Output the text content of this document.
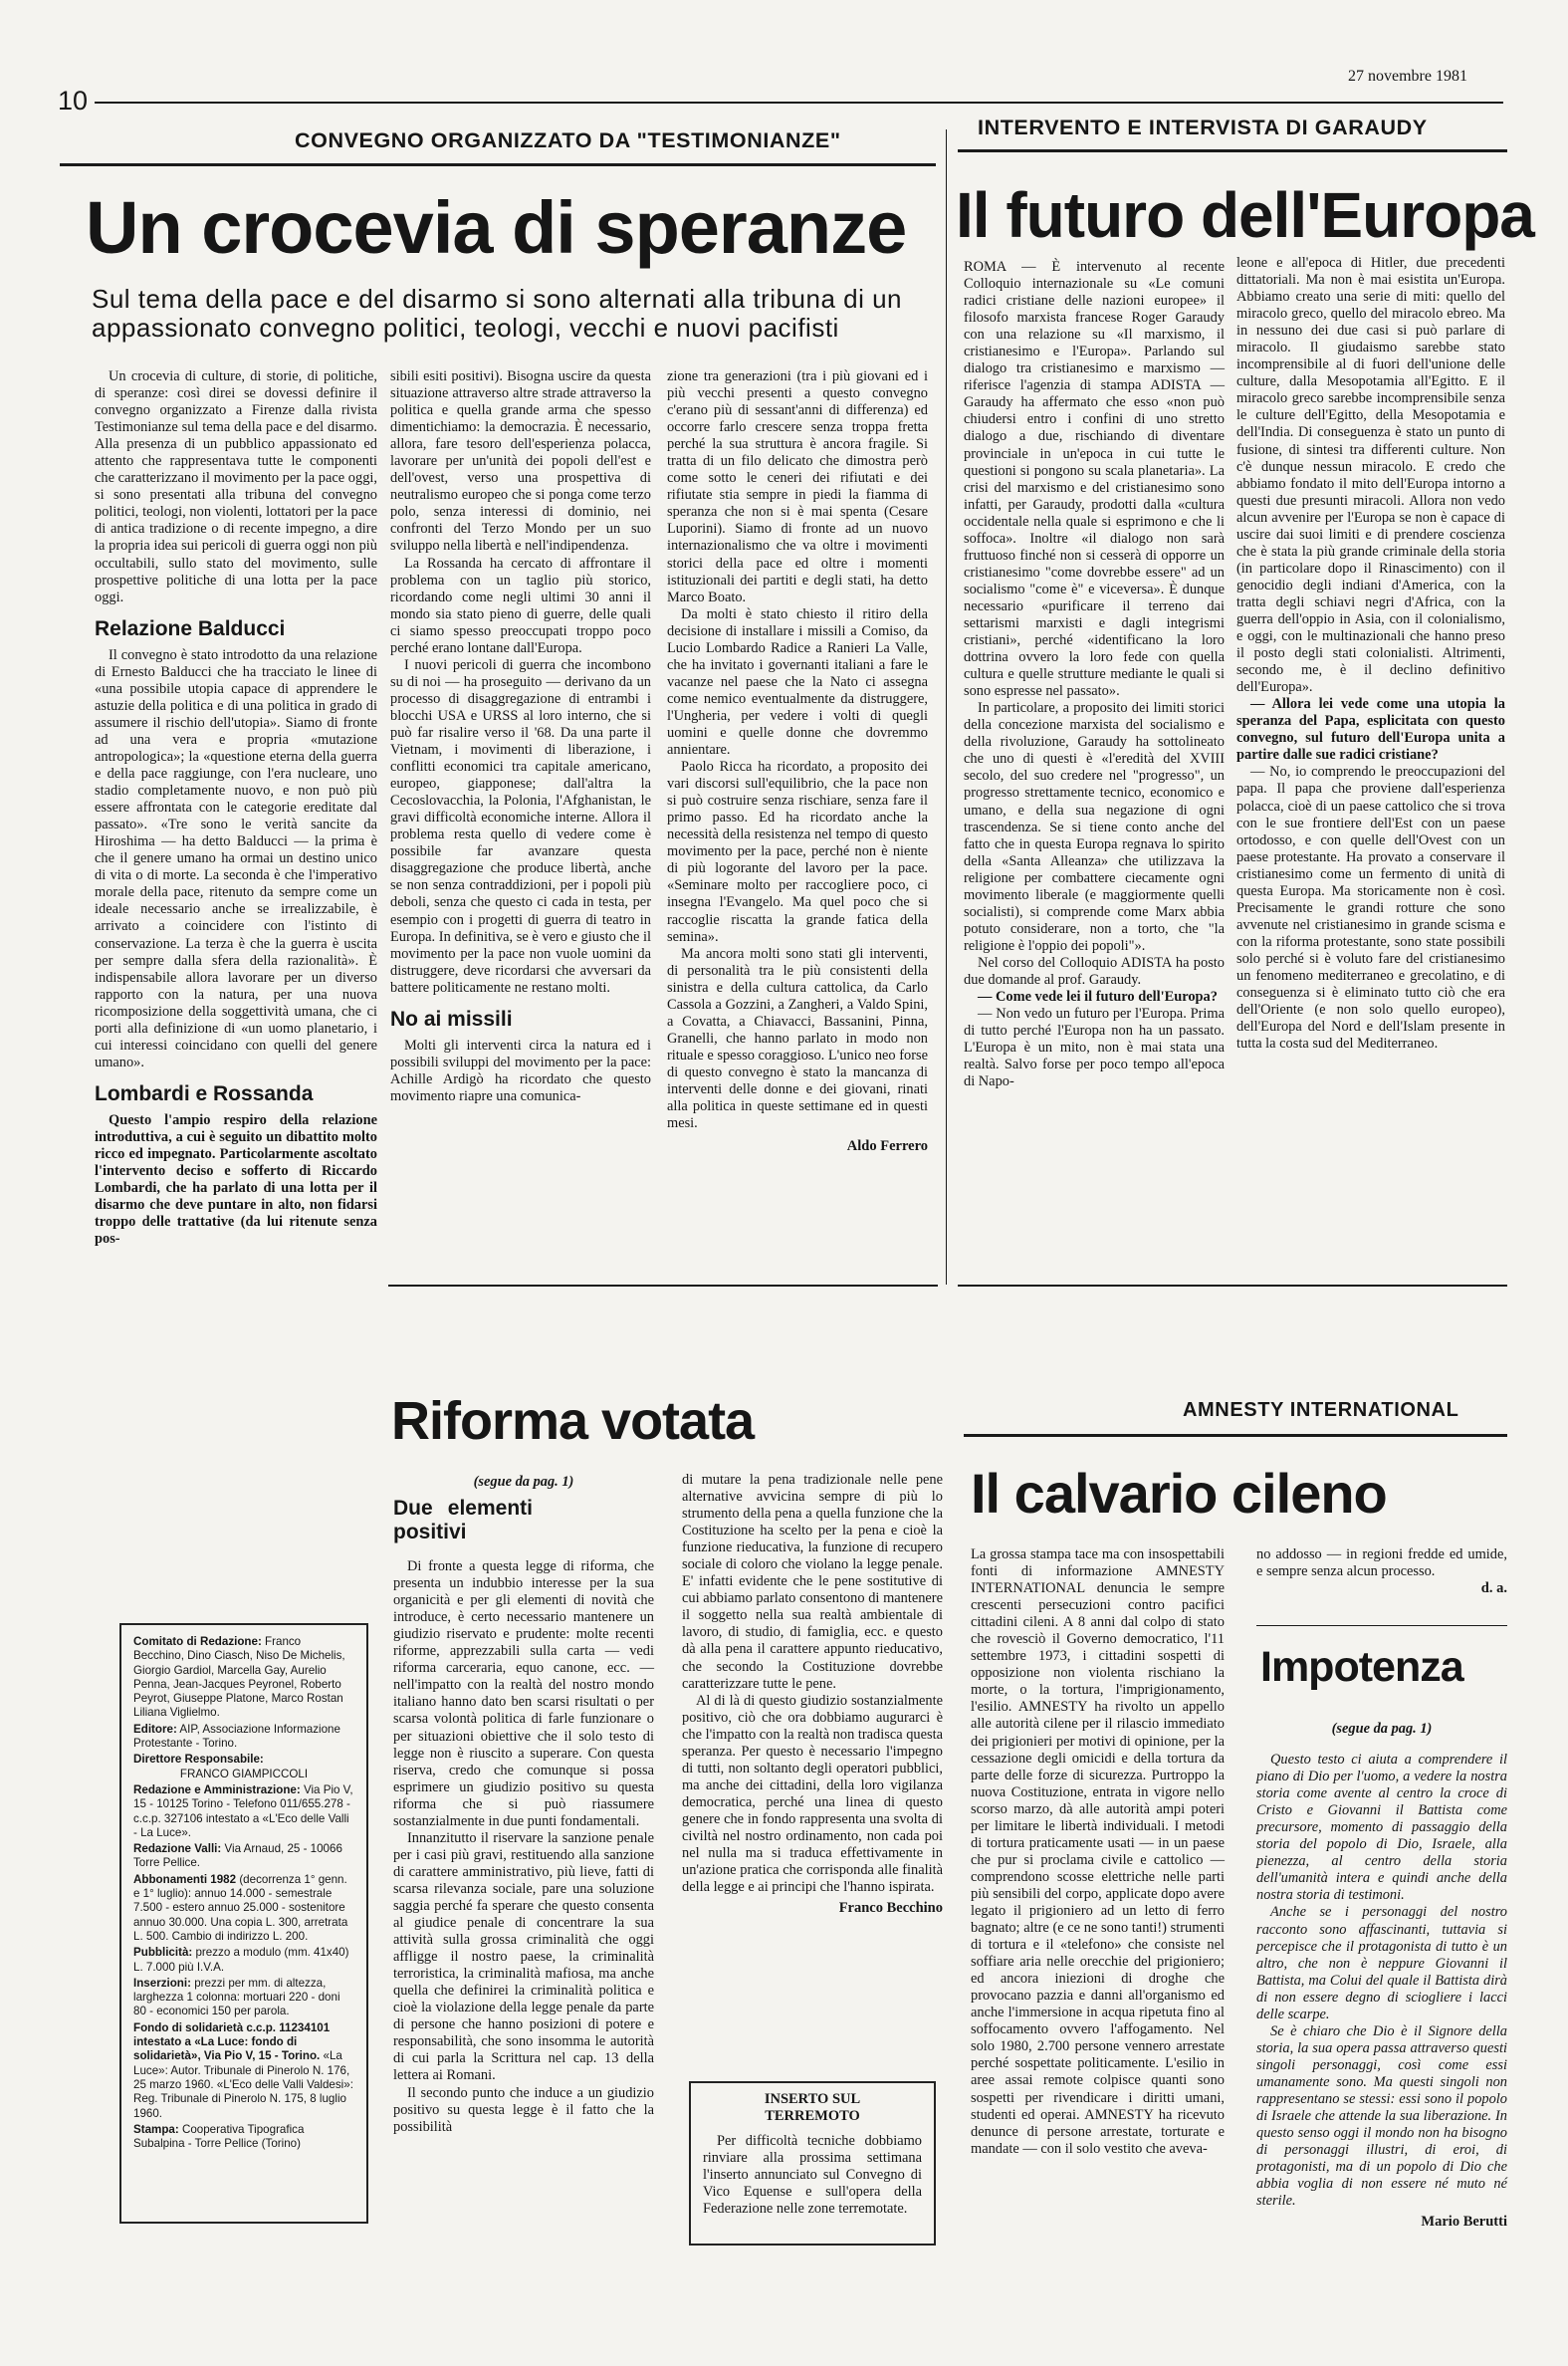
10
27 novembre 1981
CONVEGNO ORGANIZZATO DA "TESTIMONIANZE"
Un crocevia di speranze
Sul tema della pace e del disarmo si sono alternati alla tribuna di un appassionato convegno politici, teologi, vecchi e nuovi pacifisti

Un crocevia di culture, di storie, di politiche, di speranze: così direi se dovessi definire il convegno organizzato a Firenze dalla rivista Testimonianze sul tema della pace e del disarmo. Alla presenza di un pubblico appassionato ed attento che rappresentava tutte le componenti che caratterizzano il movimento per la pace oggi, si sono presentati alla tribuna del convegno politici, teologi, non violenti, lottatori per la pace di antica tradizione o di recente impegno, a dire la propria idea sui pericoli di guerra oggi non più occultabili, sullo stato del movimento, sulle prospettive politiche di una lotta per la pace oggi.

Relazione Balducci

Il convegno è stato introdotto da una relazione di Ernesto Balducci che ha tracciato le linee di «una possibile utopia capace di apprendere le astuzie della politica e di una politica in grado di assumere il rischio dell'utopia». Siamo di fronte ad una vera e propria «mutazione antropologica»; la «questione eterna della guerra e della pace raggiunge, con l'era nucleare, uno stadio completamente nuovo, e non può più essere affrontata con le categorie ereditate dal passato». «Tre sono le verità sancite da Hiroshima — ha detto Balducci — la prima è che il genere umano ha ormai un destino unico di vita o di morte. La seconda è che l'imperativo morale della pace, ritenuto da sempre come un ideale necessario anche se irrealizzabile, è arrivato a coincidere con l'istinto di conservazione. La terza è che la guerra è uscita per sempre dalla sfera della razionalità». È indispensabile allora lavorare per un diverso rapporto con la natura, per una nuova ricomposizione della soggettività umana, che ci porti alla definizione di «un uomo planetario, i cui interessi coincidano con quelli del genere umano».

Lombardi e Rossanda

Questo l'ampio respiro della relazione introduttiva, a cui è seguito un dibattito molto ricco ed impegnato. Particolarmente ascoltato l'intervento deciso e sofferto di Riccardo Lombardi, che ha parlato di una lotta per il disarmo che deve puntare in alto, non fidarsi troppo delle trattative (da lui ritenute senza pos-

sibili esiti positivi). Bisogna uscire da questa situazione attraverso altre strade attraverso la politica e quella grande arma che spesso dimentichiamo: la democrazia. È necessario, allora, fare tesoro dell'esperienza polacca, lavorare per un'unità dei popoli dell'est e dell'ovest, verso una prospettiva di neutralismo europeo che si ponga come terzo polo, senza interessi di dominio, nei confronti del Terzo Mondo per un suo sviluppo nella libertà e nell'indipendenza.

La Rossanda ha cercato di affrontare il problema con un taglio più storico, ricordando come negli ultimi 30 anni il mondo sia stato pieno di guerre, delle quali ci siamo spesso preoccupati troppo poco perché erano lontane dall'Europa.

I nuovi pericoli di guerra che incombono su di noi — ha proseguito — derivano da un processo di disaggregazione di entrambi i blocchi USA e URSS al loro interno, che si può far risalire verso il '68. Da una parte il Vietnam, i movimenti di liberazione, i conflitti economici tra capitale americano, europeo, giapponese; dall'altra la Cecoslovacchia, la Polonia, l'Afghanistan, le gravi difficoltà economiche interne. Allora il problema resta quello di vedere come è possibile far avanzare questa disaggregazione che produce libertà, anche se non senza contraddizioni, per i popoli più deboli, senza che questo ci cada in testa, per esempio con i progetti di guerra di teatro in Europa. In definitiva, se è vero e giusto che il movimento per la pace non vuole uomini da distruggere, deve ricordarsi che avversari da battere politicamente ne restano molti.

No ai missili

Molti gli interventi circa la natura ed i possibili sviluppi del movimento per la pace: Achille Ardigò ha ricordato che questo movimento riapre una comunica-

zione tra generazioni (tra i più giovani ed i più vecchi presenti a questo convegno c'erano più di sessant'anni di differenza) ed occorre farlo crescere senza troppa fretta perché la sua struttura è ancora fragile. Si tratta di un filo delicato che dimostra però come sotto le ceneri dei rifiutati e dei rifiutate stia sempre in piedi la fiamma di speranza che non si è mai spenta (Cesare Luporini). Siamo di fronte ad un nuovo internazionalismo che va oltre i movimenti storici della pace ed oltre i momenti istituzionali dei partiti e degli stati, ha detto Marco Boato.

Da molti è stato chiesto il ritiro della decisione di installare i missili a Comiso, da Lucio Lombardo Radice a Ranieri La Valle, che ha invitato i governanti italiani a fare le vacanze nel paese che la Nato ci assegna come nemico eventualmente da distruggere, l'Ungheria, per vedere i volti di quegli uomini e quelle donne che dovremmo annientare.

Paolo Ricca ha ricordato, a proposito dei vari discorsi sull'equilibrio, che la pace non si può costruire senza rischiare, senza fare il primo passo. Ed ha ricordato anche la necessità della resistenza nel tempo di questo movimento per la pace, perché non è niente di più logorante del lavoro per la pace. «Seminare molto per raccogliere poco, ci insegna l'Evangelo. Ma quel poco che si raccoglie riscatta la grande fatica della semina».

Ma ancora molti sono stati gli interventi, di personalità tra le più consistenti della sinistra e della cultura cattolica, da Carlo Cassola a Gozzini, a Zangheri, a Valdo Spini, a Covatta, a Chiavacci, Bassanini, Pinna, Granelli, che hanno parlato in modo non rituale e spesso coraggioso. L'unico neo forse di questo convegno è stato la mancanza di interventi delle donne e dei giovani, rinati alla politica in queste settimane ed in questi mesi.

Aldo Ferrero
INTERVENTO E INTERVISTA DI GARAUDY
Il futuro dell'Europa

ROMA — È intervenuto al recente Colloquio internazionale su «Le comuni radici cristiane delle nazioni europee» il filosofo marxista francese Roger Garaudy con una relazione su «Il marxismo, il cristianesimo e l'Europa». Parlando sul dialogo tra cristianesimo e marxismo — riferisce l'agenzia di stampa ADISTA — Garaudy ha affermato che esso «non può chiudersi entro i confini di uno stretto dialogo a due, rischiando di diventare provinciale in un'epoca in cui tutte le questioni si pongono su scala planetaria». La crisi del marxismo e del cristianesimo sono infatti, per Garaudy, prodotti dalla «cultura occidentale nella quale si esprimono e che li soffoca». Inoltre «il dialogo non sarà fruttuoso finché non si cesserà di opporre un cristianesimo "come dovrebbe essere" ad un socialismo "come è" e viceversa». È dunque necessario «purificare il terreno dai settarismi marxisti e dagli integrismi cristiani», perché «identificano la loro dottrina ovvero la loro fede con quella cultura e quelle strutture mediante le quali si sono espresse nel passato».

In particolare, a proposito dei limiti storici della concezione marxista del socialismo e della rivoluzione, Garaudy ha sottolineato che uno di questi è «l'eredità del XVIII secolo, del suo credere nel "progresso", un progresso strettamente tecnico, economico e umano, e della sua negazione di ogni trascendenza. Se si tiene conto anche del fatto che in questa Europa regnava lo spirito della «Santa Alleanza» che utilizzava la religione per combattere ciecamente ogni movimento liberale (e maggiormente quelli socialisti), si comprende come Marx abbia potuto considerare, non a torto, che "la religione è l'oppio dei popoli"».

Nel corso del Colloquio ADISTA ha posto due domande al prof. Garaudy.

— Come vede lei il futuro dell'Europa?

— Non vedo un futuro per l'Europa. Prima di tutto perché l'Europa non ha un passato. L'Europa è un mito, non è mai stata una realtà. Salvo forse per poco tempo all'epoca di Napo-

leone e all'epoca di Hitler, due precedenti dittatoriali. Ma non è mai esistita un'Europa. Abbiamo creato una serie di miti: quello del miracolo greco, quello del miracolo ebreo. Ma in nessuno dei due casi si può parlare di miracolo. Il giudaismo sarebbe stato incomprensibile al di fuori dell'unione delle culture, dalla Mesopotamia all'Egitto. E il miracolo greco sarebbe incomprensibile senza le culture dell'Egitto, della Mesopotamia e dell'India. Di conseguenza è stato un punto di fusione, di sintesi tra differenti culture. Non c'è dunque nessun miracolo. E credo che abbiamo fondato il mito dell'Europa intorno a questi due presunti miracoli. Allora non vedo alcun avvenire per l'Europa se non è capace di uscire dai suoi limiti e di prendere coscienza che è stata la più grande criminale della storia (in particolare dopo il Rinascimento) con il genocidio degli indiani d'America, con la tratta degli schiavi negri d'Africa, con la guerra dell'oppio in Asia, con il colonialismo, e oggi, con le multinazionali che hanno preso il posto degli stati colonialisti. Altrimenti, secondo me, è il declino definitivo dell'Europa».

— Allora lei vede come una utopia la speranza del Papa, esplicitata con questo convegno, sul futuro dell'Europa unita a partire dalle sue radici cristiane?

— No, io comprendo le preoccupazioni del papa. Il papa che proviene dall'esperienza polacca, cioè di un paese cattolico che si trova con le sue frontiere dell'Est con un paese ortodosso, e con quelle dell'Ovest con un paese protestante. Ha provato a conservare il cristianesimo come un fermento di unità di questa Europa. Ma storicamente non è così. Precisamente le grandi rotture che sono avvenute nel cristianesimo in grande scisma e con la riforma protestante, sono state possibili solo perché si è voluto fare del cristianesimo un fenomeno mediterraneo e grecolatino, e di conseguenza si è eliminato tutto ciò che era dell'Oriente (e non solo quello europeo), dell'Europa del Nord e dell'Islam presente in tutta la costa sud del Mediterraneo.

Riforma votata
(segue da pag. 1)
Due elementi positivi

Di fronte a questa legge di riforma, che presenta un indubbio interesse per la sua organicità e per gli elementi di novità che introduce, è certo necessario mantenere un giudizio riservato e prudente: molte recenti riforme, apprezzabili sulla carta — vedi riforma carceraria, equo canone, ecc. — nell'impatto con la realtà del nostro mondo italiano hanno dato ben scarsi risultati o per scarsa volontà politica di farle funzionare o per situazioni obiettive che il solo testo di legge non è riuscito a superare. Con questa riserva, credo che comunque si possa esprimere un giudizio positivo su questa riforma che si può riassumere sostanzialmente in due punti fondamentali.

Innanzitutto il riservare la sanzione penale per i casi più gravi, restituendo alla sanzione di carattere amministrativo, più lieve, fatti di scarsa rilevanza sociale, pare una soluzione saggia perché fa sperare che questo consenta al giudice penale di concentrare la sua attività sulla grossa criminalità che oggi affligge il nostro paese, la criminalità terroristica, la criminalità mafiosa, ma anche quella che definirei la criminalità politica e cioè la violazione della legge penale da parte di persone che hanno posizioni di potere e responsabilità, che sono insomma le autorità di cui parla la Scrittura nel cap. 13 della lettera ai Romani.

Il secondo punto che induce a un giudizio positivo su questa legge è il fatto che la possibilità

di mutare la pena tradizionale nelle pene alternative avvicina sempre di più lo strumento della pena a quella funzione che la Costituzione ha scelto per la pena e cioè la funzione rieducativa, la funzione di recupero sociale di coloro che violano la legge penale. E' infatti evidente che le pene sostitutive di cui abbiamo parlato consentono di mantenere il soggetto nella sua realtà ambientale di lavoro, di studio, di famiglia, ecc. e questo dà alla pena il carattere appunto rieducativo, che secondo la Costituzione dovrebbe caratterizzare tutte le pene.

Al di là di questo giudizio sostanzialmente positivo, ciò che ora dobbiamo augurarci è che l'impatto con la realtà non tradisca questa speranza. Per questo è necessario l'impegno di tutti, non soltanto degli operatori pubblici, ma anche dei cittadini, della loro vigilanza democratica, perché una linea di questo genere che in fondo rappresenta una svolta di civiltà nel nostro ordinamento, non cada poi nel nulla ma si traduca effettivamente in un'azione pratica che corrisponda alle finalità della legge e ai principi che l'hanno ispirata.

Franco Becchino
INSERTO SUL TERREMOTO
Per difficoltà tecniche dobbiamo rinviare alla prossima settimana l'inserto annunciato sul Convegno di Vico Equense e sull'opera della Federazione nelle zone terremotate.
AMNESTY INTERNATIONAL
Il calvario cileno

La grossa stampa tace ma con insospettabili fonti di informazione AMNESTY INTERNATIONAL denuncia le sempre crescenti persecuzioni contro pacifici cittadini cileni. A 8 anni dal colpo di stato che rovesciò il Governo democratico, l'11 settembre 1973, i cittadini sospetti di opposizione non violenta rischiano la morte, o la tortura, l'imprigionamento, l'esilio. AMNESTY ha rivolto un appello alle autorità cilene per il rilascio immediato dei prigionieri per motivi di opinione, per la cessazione degli omicidi e della tortura da parte delle forze di sicurezza. Purtroppo la nuova Costituzione, entrata in vigore nello scorso marzo, dà alle autorità ampi poteri per limitare le libertà individuali. I metodi di tortura praticamente usati — in un paese che pur si proclama civile e cattolico — comprendono scosse elettriche nelle parti più sensibili del corpo, applicate dopo avere legato il prigioniero ad un letto di ferro bagnato; altre (e ce ne sono tanti!) strumenti di tortura e il «telefono» che consiste nel soffiare aria nelle orecchie del prigioniero; ed ancora iniezioni di droghe che provocano pazzia e danni all'organismo ed anche l'immersione in acqua ripetuta fino al soffocamento ovvero l'affogamento. Nel solo 1980, 2.700 persone vennero arrestate perché sospettate politicamente. L'esilio in aree assai remote colpisce quanti sono sospetti per rivendicare i diritti umani, studenti ed operai. AMNESTY ha ricevuto denunce di persone arrestate, torturate e mandate — con il solo vestito che aveva-

no addosso — in regioni fredde ed umide, e sempre senza alcun processo.

d. a.
Impotenza
(segue da pag. 1)

Questo testo ci aiuta a comprendere il piano di Dio per l'uomo, a vedere la nostra storia come avente al centro la croce di Cristo e Giovanni il Battista come precursore, momento di passaggio della storia del popolo di Dio, Israele, alla pienezza, al centro della storia dell'umanità intera e quindi anche della nostra storia di testimoni.

Anche se i personaggi del nostro racconto sono affascinanti, tuttavia si percepisce che il protagonista di tutto è un altro, che non è neppure Giovanni il Battista, ma Colui del quale il Battista dirà di non essere degno di sciogliere i lacci delle scarpe.

Se è chiaro che Dio è il Signore della storia, la sua opera passa attraverso questi singoli personaggi, così come essi umanamente sono. Ma questi singoli non rappresentano se stessi: essi sono il popolo di Israele che attende la sua liberazione. In questo senso oggi il mondo non ha bisogno di personaggi illustri, di eroi, di protagonisti, ma di un popolo di Dio che abbia voglia di non essere né muto né sterile.

Mario Berutti
Comitato di Redazione: Franco Becchino, Dino Ciasch, Niso De Michelis, Giorgio Gardiol, Marcella Gay, Aurelio Penna, Jean-Jacques Peyronel, Roberto Peyrot, Giuseppe Platone, Marco Rostan Liliana Viglielmo.
Editore: AIP, Associazione Informazione Protestante - Torino.
Direttore Responsabile:
FRANCO GIAMPICCOLI
Redazione e Amministrazione: Via Pio V, 15 - 10125 Torino - Telefono 011/655.278 - c.c.p. 327106 intestato a «L'Eco delle Valli - La Luce».
Redazione Valli: Via Arnaud, 25 - 10066 Torre Pellice.
Abbonamenti 1982 (decorrenza 1° genn. e 1° luglio): annuo 14.000 - semestrale 7.500 - estero annuo 25.000 - sostenitore annuo 30.000. Una copia L. 300, arretrata L. 500. Cambio di indirizzo L. 200.
Pubblicità: prezzo a modulo (mm. 41x40) L. 7.000 più I.V.A.
Inserzioni: prezzi per mm. di altezza, larghezza 1 colonna: mortuari 220 - doni 80 - economici 150 per parola.
Fondo di solidarietà c.c.p. 11234101 intestato a «La Luce: fondo di solidarietà», Via Pio V, 15 - Torino. «La Luce»: Autor. Tribunale di Pinerolo N. 176, 25 marzo 1960. «L'Eco delle Valli Valdesi»: Reg. Tribunale di Pinerolo N. 175, 8 luglio 1960.
Stampa: Cooperativa Tipografica Subalpina - Torre Pellice (Torino)
